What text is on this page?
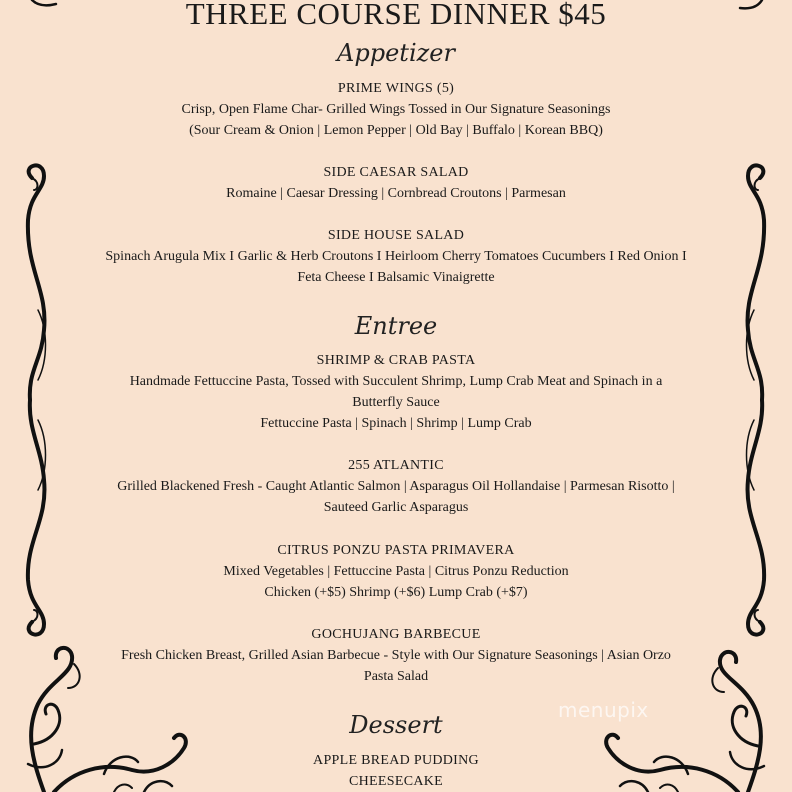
THREE COURSE DINNER $45
Appetizer
PRIME WINGS (5)
Crisp, Open Flame Char- Grilled Wings Tossed in Our Signature Seasonings
(Sour Cream & Onion | Lemon Pepper | Old Bay | Buffalo | Korean BBQ)
SIDE CAESAR SALAD
Romaine | Caesar Dressing | Cornbread Croutons | Parmesan
SIDE HOUSE SALAD
Spinach Arugula Mix I Garlic & Herb Croutons I Heirloom Cherry Tomatoes Cucumbers I Red Onion I
Feta Cheese I Balsamic Vinaigrette
Entree
SHRIMP & CRAB PASTA
Handmade Fettuccine Pasta, Tossed with Succulent Shrimp, Lump Crab Meat and Spinach in a
Butterfly Sauce
Fettuccine Pasta | Spinach | Shrimp | Lump Crab
255 ATLANTIC
Grilled Blackened Fresh - Caught Atlantic Salmon | Asparagus Oil Hollandaise | Parmesan Risotto |
Sauteed Garlic Asparagus
CITRUS PONZU PASTA PRIMAVERA
Mixed Vegetables | Fettuccine Pasta | Citrus Ponzu Reduction
Chicken (+$5) Shrimp (+$6) Lump Crab (+$7)
GOCHUJANG BARBECUE
Fresh Chicken Breast, Grilled Asian Barbecue - Style with Our Signature Seasonings | Asian Orzo
Pasta Salad
Dessert
APPLE BREAD PUDDING
CHEESECAKE
menupix
